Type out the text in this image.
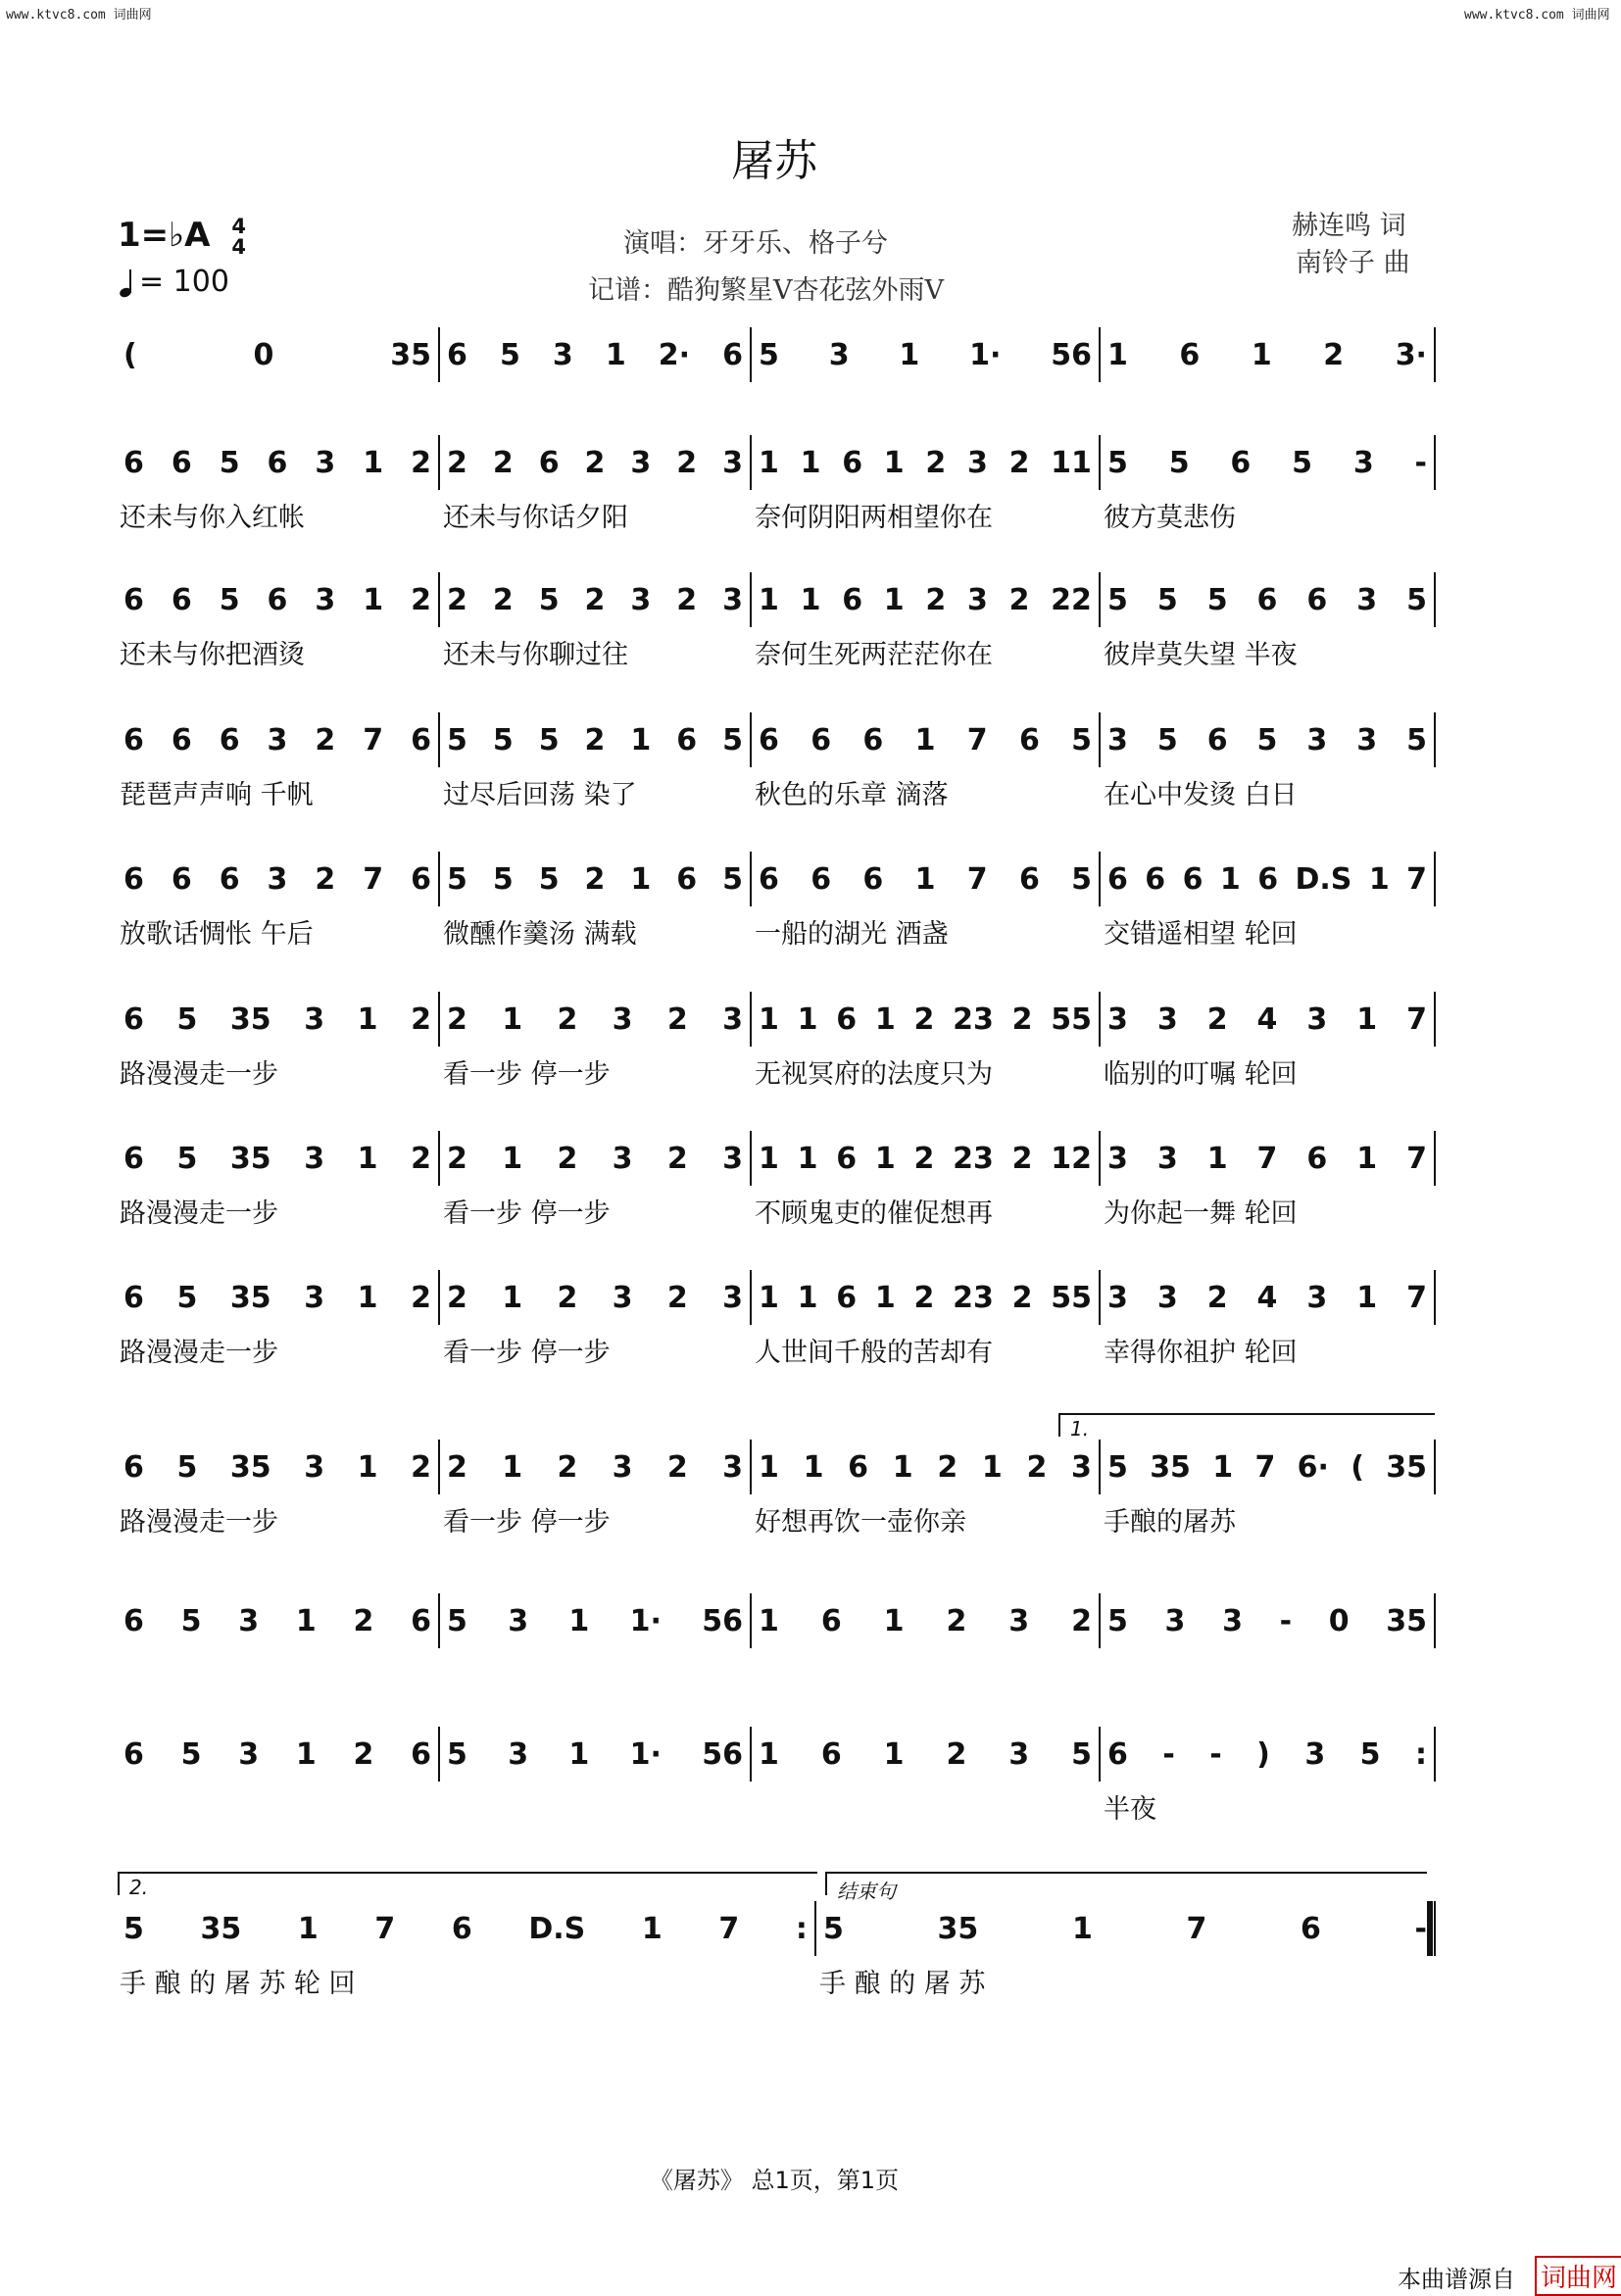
www.ktvc8.com 词曲网	www.ktvc8.com 词曲网
屠苏
1=♭A 4
4
= 100
演唱：牙牙乐、格子兮
记谱：酷狗繁星V杏花弦外雨V
赫连鸣 词
南铃子 曲
(	0	35 6 5 3 1 2· 6 5 3 1 1· 56 1 6 1 2 3·
6 6 5 6 3 1 2 2 2 6 2 3 2 3 1 1 6 1 2 3 2 11 5 5 6 5 3 -
还未与你入红帐	还未与你话夕阳	奈何阴阳两相望你在	彼方莫悲伤
6 6 5 6 3 1 2 2 2 5 2 3 2 3 1 1 6 1 2 3 2 22 5 5 5 6 6 3 5
还未与你把酒烫	还未与你聊过往	奈何生死两茫茫你在	彼岸莫失望 半夜
6 6 6 3 2 7 6 5 5 5 2 1 6 5 6 6 6 1 7 6 5 3 5 6 5 3 3 5
琵琶声声响 千帆	过尽后回荡 染了	秋色的乐章 滴落	在心中发烫 白日
6 6 6 3 2 7 6 5 5 5 2 1 6 5 6 6 6 1 7 6 5 6 6 6 1 6 D.S 1 7
放歌话惆怅 午后	微醺作羹汤 满载	一船的湖光 酒盏	交错遥相望 轮回
6 5 35 3 1 2 2 1 2 3 2 3 1 1 6 1 2 23 2 55 3 3 2 4 3 1 7
路漫漫走一步	看一步 停一步	无视冥府的法度只为	临别的叮嘱 轮回
6 5 35 3 1 2 2 1 2 3 2 3 1 1 6 1 2 23 2 12 3 3 1 7 6 1 7
路漫漫走一步	看一步 停一步	不顾鬼吏的催促想再	为你起一舞 轮回
6 5 35 3 1 2 2 1 2 3 2 3 1 1 6 1 2 23 2 55 3 3 2 4 3 1 7
路漫漫走一步	看一步 停一步	人世间千般的苦却有	幸得你祖护 轮回
6 5 35 3 1 2 2 1 2 3 2 3 1 1 6 1 2 1 2 3 5 35 1 7 6· ( 35
路漫漫走一步	看一步 停一步	好想再饮一壶你亲	手酿的屠苏
6 5 3 1 2 6 5 3 1 1· 56 1 6 1 2 3 2 5 3 3 - 0 35
6 5 3 1 2 6 5 3 1 1· 56 1 6 1 2 3 5 6 - - ) 3 5 :
半夜
5 35 1 7 6 D.S 1 7 : 5	35	1	7	6	-
手 酿 的 屠 苏 轮 回	手 酿 的 屠 苏
《屠苏》 总1页，第1页
本曲谱源自 词曲网
1.
2.	结束句
